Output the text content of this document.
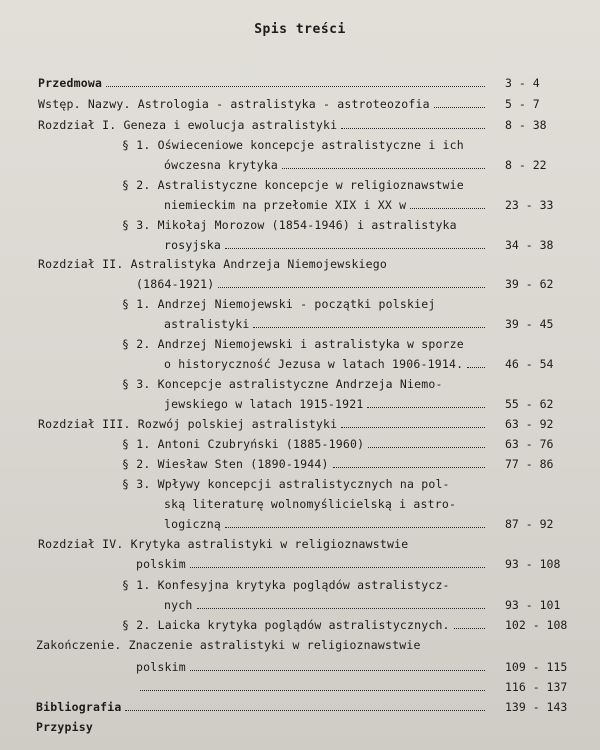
Spis treści
Przedmowa	3 - 4
Wstęp. Nazwy. Astrologia - astralistyka - astroteozofia	5 - 7
Rozdział I. Geneza i ewolucja astralistyki	8 - 38
§ 1. Oświeceniowe koncepcje astralistyczne i ich
ówczesna krytyka	8 - 22
§ 2. Astralistyczne koncepcje w religioznawstwie
niemieckim na przełomie XIX i XX w	23 - 33
§ 3. Mikołaj Morozow (1854-1946) i astralistyka
rosyjska	34 - 38
Rozdział II. Astralistyka Andrzeja Niemojewskiego
(1864-1921)	39 - 62
§ 1. Andrzej Niemojewski - początki polskiej
astralistyki	39 - 45
§ 2. Andrzej Niemojewski i astralistyka w sporze
o historyczność Jezusa w latach 1906-1914.	46 - 54
§ 3. Koncepcje astralistyczne Andrzeja Niemo-
jewskiego w latach 1915-1921	55 - 62
Rozdział III. Rozwój polskiej astralistyki	63 - 92
§ 1. Antoni Czubryński (1885-1960)	63 - 76
§ 2. Wiesław Sten (1890-1944)	77 - 86
§ 3. Wpływy koncepcji astralistycznych na pol-
ską literaturę wolnomyślicielską i astro-
logiczną	87 - 92
Rozdział IV. Krytyka astralistyki w religioznawstwie
polskim	93 - 108
§ 1. Konfesyjna krytyka poglądów astralistycz-
nych	93 - 101
§ 2. Laicka krytyka poglądów astralistycznych.	102 - 108
Zakończenie. Znaczenie astralistyki w religioznawstwie
polskim	109 - 115
116 - 137
Bibliografia	139 - 143
Przypisy
